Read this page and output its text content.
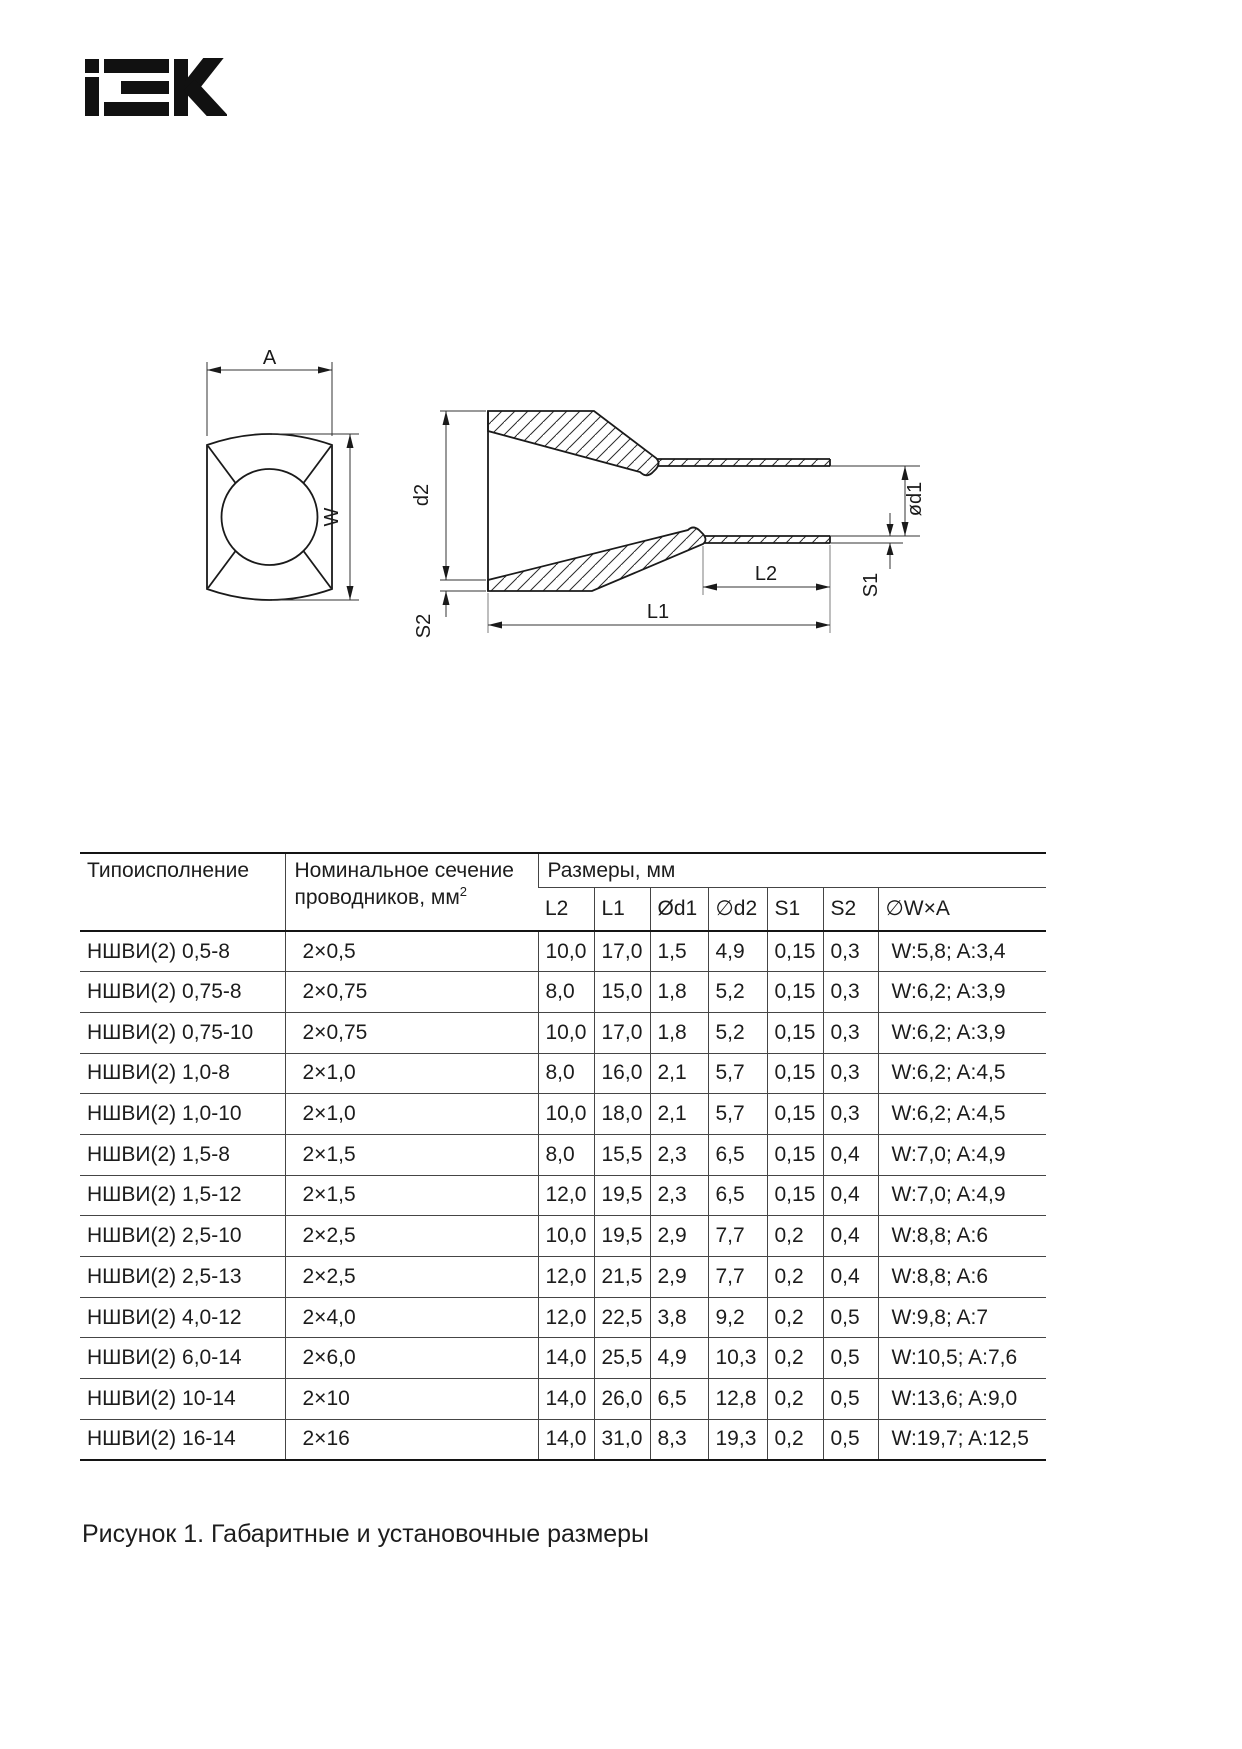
A
W
d2
S2
ød1
S1
L2
L1
Типоисполнение	Номинальное сечение проводников, $мм^2$	Размеры, мм						
		L2	L1	Ød1	∅d2	S1	S2	∅W×A
НШВИ(2) 0,5-8	2×0,5	10,0	17,0	1,5	4,9	0,15	0,3	W:5,8; A:3,4
НШВИ(2) 0,75-8	2×0,75	8,0	15,0	1,8	5,2	0,15	0,3	W:6,2; A:3,9
НШВИ(2) 0,75-10	2×0,75	10,0	17,0	1,8	5,2	0,15	0,3	W:6,2; A:3,9
НШВИ(2) 1,0-8	2×1,0	8,0	16,0	2,1	5,7	0,15	0,3	W:6,2; A:4,5
НШВИ(2) 1,0-10	2×1,0	10,0	18,0	2,1	5,7	0,15	0,3	W:6,2; A:4,5
НШВИ(2) 1,5-8	2×1,5	8,0	15,5	2,3	6,5	0,15	0,4	W:7,0; A:4,9
НШВИ(2) 1,5-12	2×1,5	12,0	19,5	2,3	6,5	0,15	0,4	W:7,0; A:4,9
НШВИ(2) 2,5-10	2×2,5	10,0	19,5	2,9	7,7	0,2	0,4	W:8,8; A:6
НШВИ(2) 2,5-13	2×2,5	12,0	21,5	2,9	7,7	0,2	0,4	W:8,8; A:6
НШВИ(2) 4,0-12	2×4,0	12,0	22,5	3,8	9,2	0,2	0,5	W:9,8; A:7
НШВИ(2) 6,0-14	2×6,0	14,0	25,5	4,9	10,3	0,2	0,5	W:10,5; A:7,6
НШВИ(2) 10-14	2×10	14,0	26,0	6,5	12,8	0,2	0,5	W:13,6; A:9,0
НШВИ(2) 16-14	2×16	14,0	31,0	8,3	19,3	0,2	0,5	W:19,7; A:12,5
Рисунок 1. Габаритные и установочные размеры
